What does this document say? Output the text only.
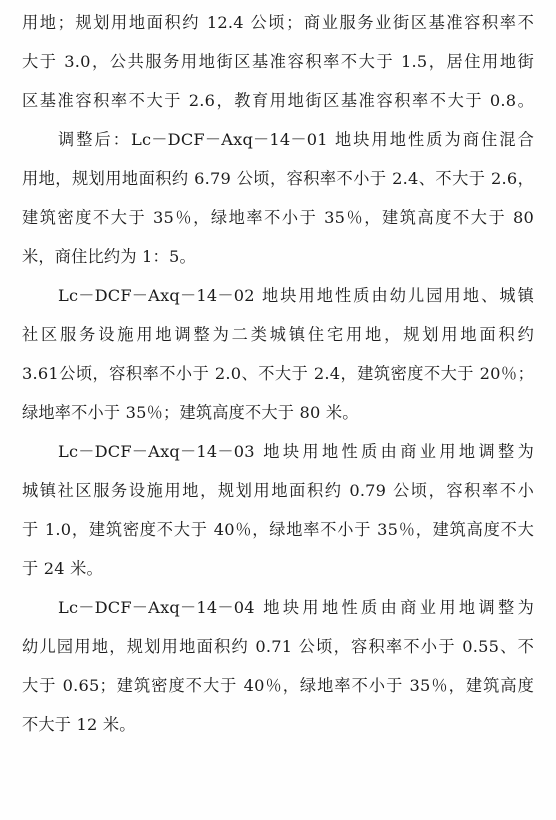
用地；规划用地面积约 12.4 公顷；商业服务业街区基准容积率不
大于 3.0，公共服务用地街区基准容积率不大于 1.5，居住用地街
区基准容积率不大于 2.6，教育用地街区基准容积率不大于 0.8。
调整后：Lc－DCF－Axq－14－01 地块用地性质为商住混合
用地，规划用地面积约 6.79 公顷，容积率不小于 2.4、不大于 2.6，
建筑密度不大于 35％，绿地率不小于 35％，建筑高度不大于 80
米，商住比约为 1：5。
Lc－DCF－Axq－14－02 地块用地性质由幼儿园用地、城镇
社区服务设施用地调整为二类城镇住宅用地，规划用地面积约
3.61公顷，容积率不小于 2.0、不大于 2.4，建筑密度不大于 20％；
绿地率不小于 35％；建筑高度不大于 80 米。
Lc－DCF－Axq－14－03 地块用地性质由商业用地调整为
城镇社区服务设施用地，规划用地面积约 0.79 公顷，容积率不小
于 1.0，建筑密度不大于 40％，绿地率不小于 35％，建筑高度不大
于 24 米。
Lc－DCF－Axq－14－04 地块用地性质由商业用地调整为
幼儿园用地，规划用地面积约 0.71 公顷，容积率不小于 0.55、不
大于 0.65；建筑密度不大于 40％，绿地率不小于 35％，建筑高度
不大于 12 米。
